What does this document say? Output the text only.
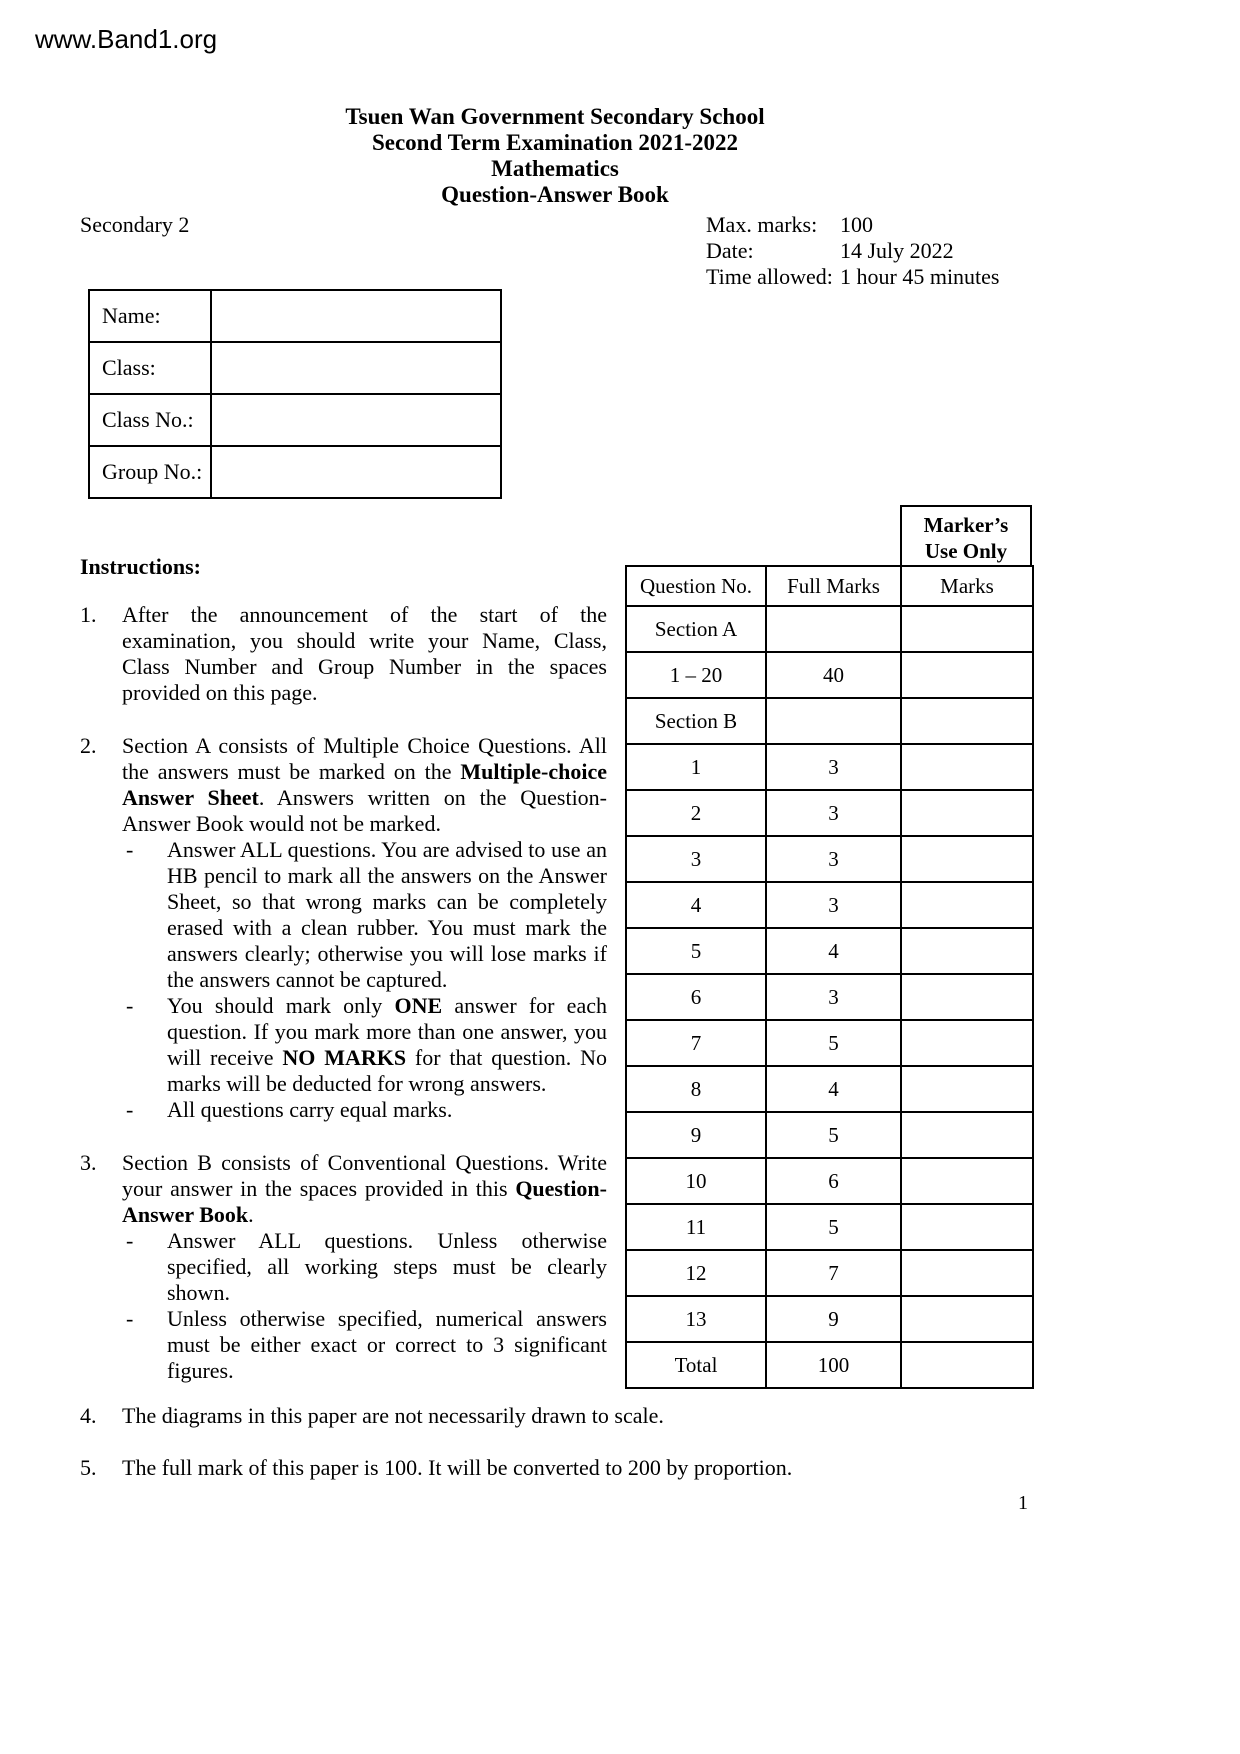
www.Band1.org
Tsuen Wan Government Secondary School
Second Term Examination 2021-2022
Mathematics
Question-Answer Book
Secondary 2	Max. marks: 100
Date:	14 July 2022
Time allowed: 1 hour 45 minutes
Name:	
Class:	
Class No.:	
Group No.:	
Marker’s
Use Only
Question No.	Full Marks	Marks
Section A		
1 – 20	40	
Section B		
1	3	
2	3	
3	3	
4	3	
5	4	
6	3	
7	5	
8	4	
9	5	
10	6	
11	5	
12	7	
13	9	
Total	100	
Instructions:
1.	After the announcement of the start of the examination, you should write your Name, Class, Class Number and Group Number in the spaces provided on this page.
2.	Section A consists of Multiple Choice Questions. All the answers must be marked on the Multiple-choice Answer Sheet. Answers written on the Question-Answer Book would not be marked.
-	Answer ALL questions. You are advised to use an HB pencil to mark all the answers on the Answer Sheet, so that wrong marks can be completely erased with a clean rubber. You must mark the answers clearly; otherwise you will lose marks if the answers cannot be captured.
-	You should mark only ONE answer for each question. If you mark more than one answer, you will receive NO MARKS for that question. No marks will be deducted for wrong answers.
-	All questions carry equal marks.
3.	Section B consists of Conventional Questions. Write your answer in the spaces provided in this Question-Answer Book.
-	Answer ALL questions. Unless otherwise specified, all working steps must be clearly shown.
-	Unless otherwise specified, numerical answers must be either exact or correct to 3 significant figures.
4.	The diagrams in this paper are not necessarily drawn to scale.
5.	The full mark of this paper is 100. It will be converted to 200 by proportion.
1
